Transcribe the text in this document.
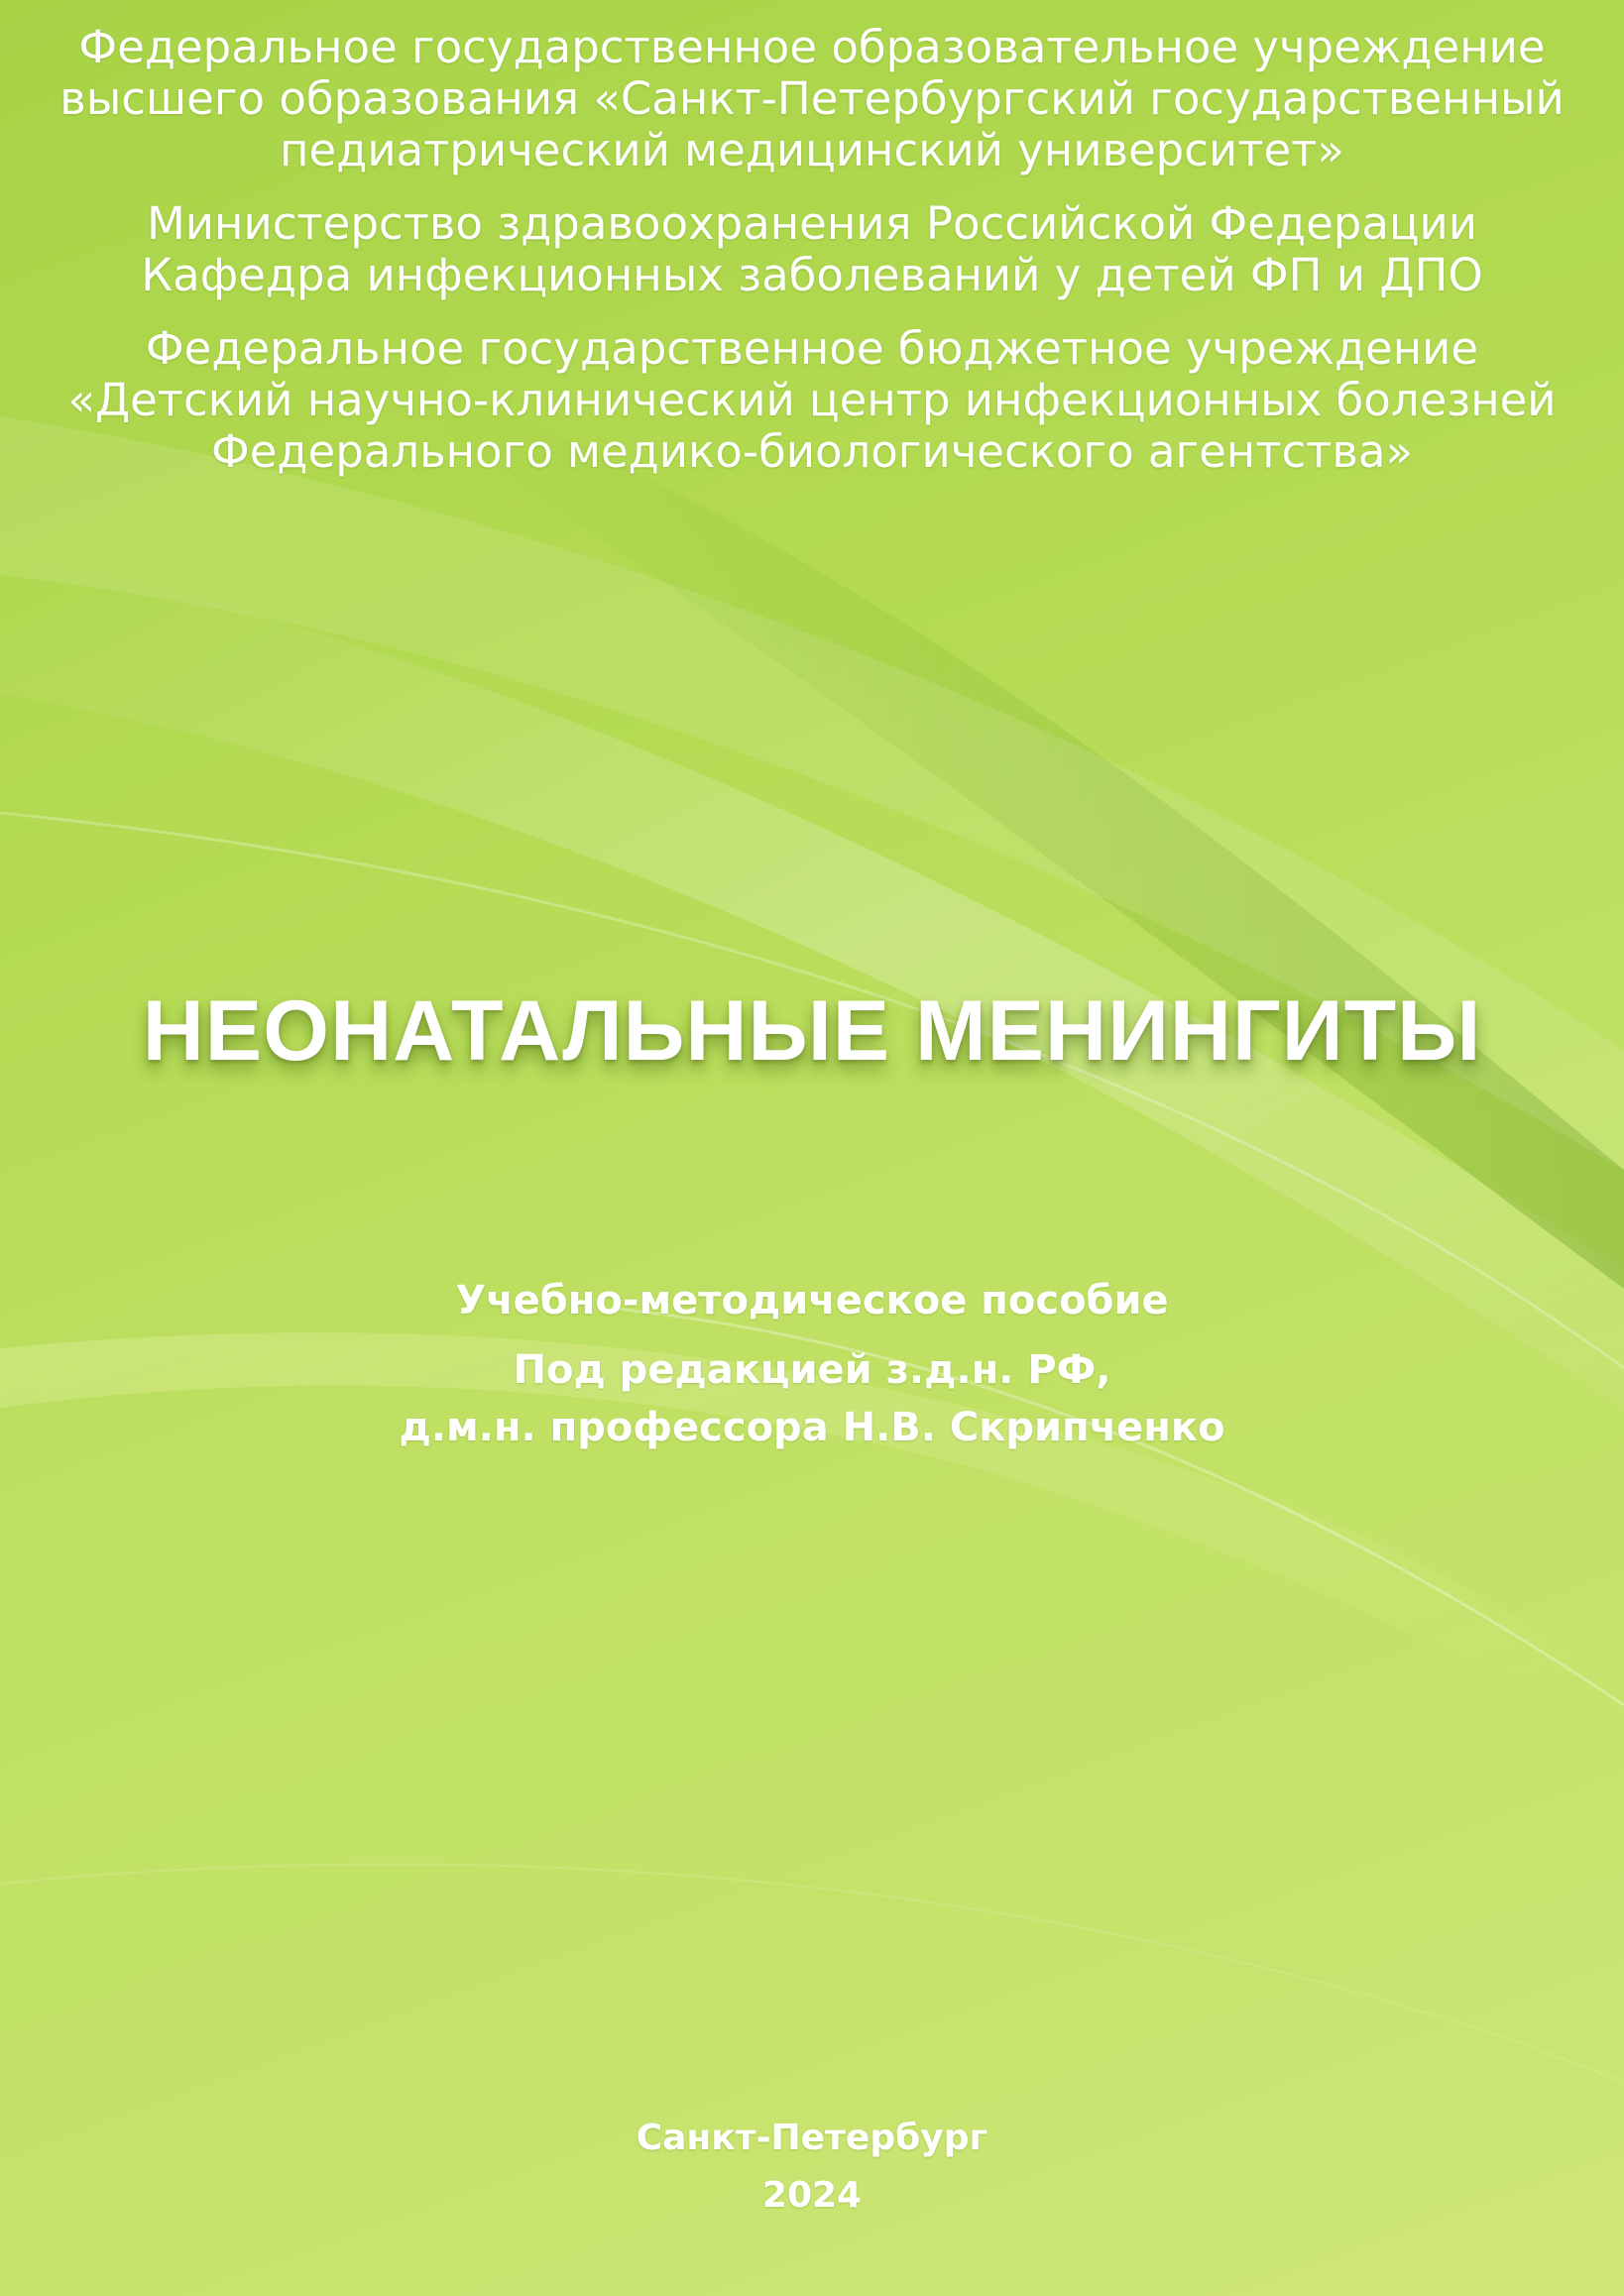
Федеральное государственное образовательное учреждение
высшего образования «Санкт-Петербургский государственный
педиатрический медицинский университет»
Министерство здравоохранения Российской Федерации
Кафедра инфекционных заболеваний у детей ФП и ДПО
Федеральное государственное бюджетное учреждение
«Детский научно-клинический центр инфекционных болезней
Федерального медико-биологического агентства»
НЕОНАТАЛЬНЫЕ МЕНИНГИТЫ
Учебно-методическое пособие
Под редакцией з.д.н. РФ,
д.м.н. профессора Н.В. Скрипченко
Санкт-Петербург
2024
